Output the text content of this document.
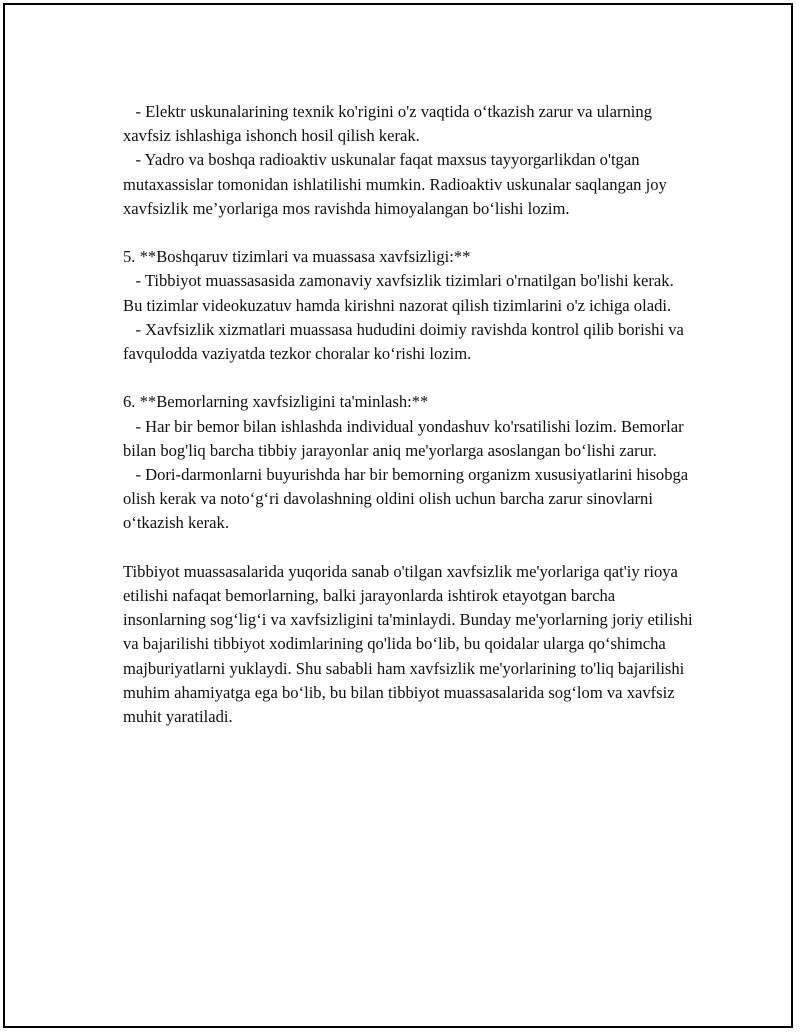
- Elektr uskunalarining texnik ko'rigini o'z vaqtida o‘tkazish zarur va ularning xavfsiz ishlashiga ishonch hosil qilish kerak.

- Yadro va boshqa radioaktiv uskunalar faqat maxsus tayyorgarlikdan o'tgan mutaxassislar tomonidan ishlatilishi mumkin. Radioaktiv uskunalar saqlangan joy xavfsizlik me’yorlariga mos ravishda himoyalangan bo‘lishi lozim.

5. **Boshqaruv tizimlari va muassasa xavfsizligi:**

- Tibbiyot muassasasida zamonaviy xavfsizlik tizimlari o'rnatilgan bo'lishi kerak. Bu tizimlar videokuzatuv hamda kirishni nazorat qilish tizimlarini o'z ichiga oladi.

- Xavfsizlik xizmatlari muassasa hududini doimiy ravishda kontrol qilib borishi va favqulodda vaziyatda tezkor choralar ko‘rishi lozim.

6. **Bemorlarning xavfsizligini ta'minlash:**

- Har bir bemor bilan ishlashda individual yondashuv ko'rsatilishi lozim. Bemorlar bilan bog'liq barcha tibbiy jarayonlar aniq me'yorlarga asoslangan bo‘lishi zarur.

- Dori-darmonlarni buyurishda har bir bemorning organizm xususiyatlarini hisobga olish kerak va noto‘g‘ri davolashning oldini olish uchun barcha zarur sinovlarni o‘tkazish kerak.

Tibbiyot muassasalarida yuqorida sanab o'tilgan xavfsizlik me'yorlariga qat'iy rioya etilishi nafaqat bemorlarning, balki jarayonlarda ishtirok etayotgan barcha insonlarning sog‘lig‘i va xavfsizligini ta'minlaydi. Bunday me'yorlarning joriy etilishi va bajarilishi tibbiyot xodimlarining qo'lida bo‘lib, bu qoidalar ularga qo‘shimcha majburiyatlarni yuklaydi. Shu sababli ham xavfsizlik me'yorlarining to'liq bajarilishi muhim ahamiyatga ega bo‘lib, bu bilan tibbiyot muassasalarida sog‘lom va xavfsiz muhit yaratiladi.
